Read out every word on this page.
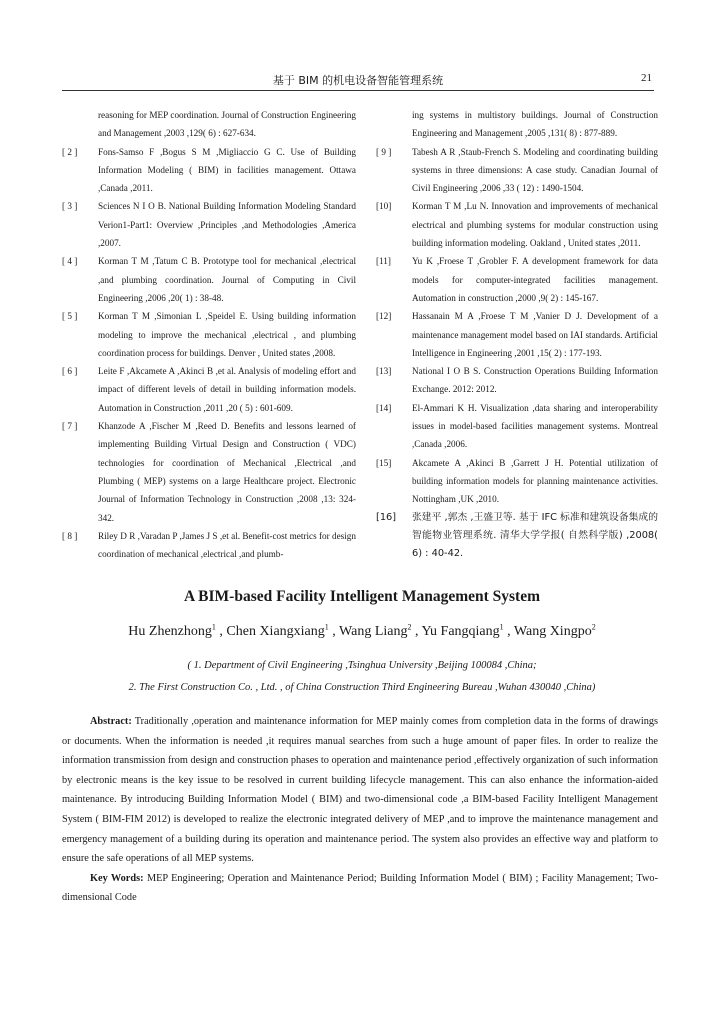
基于 BIM 的机电设备智能管理系统	21
reasoning for MEP coordination. Journal of Construction Engineering and Management ,2003 ,129( 6) : 627-634.
[ 2 ]	Fons-Samso F ,Bogus S M ,Migliaccio G C. Use of Building Information Modeling ( BIM) in facilities management. Ottawa ,Canada ,2011.
[ 3 ]	Sciences N I O B. National Building Information Modeling Standard Verion1-Part1: Overview ,Principles ,and Methodologies ,America ,2007.
[ 4 ]	Korman T M ,Tatum C B. Prototype tool for mechanical ,electrical ,and plumbing coordination. Journal of Computing in Civil Engineering ,2006 ,20( 1) : 38-48.
[ 5 ]	Korman T M ,Simonian L ,Speidel E. Using building information modeling to improve the mechanical ,electrical , and plumbing coordination process for buildings. Denver , United states ,2008.
[ 6 ]	Leite F ,Akcamete A ,Akinci B ,et al. Analysis of modeling effort and impact of different levels of detail in building information models. Automation in Construction ,2011 ,20 ( 5) : 601-609.
[ 7 ]	Khanzode A ,Fischer M ,Reed D. Benefits and lessons learned of implementing Building Virtual Design and Construction ( VDC) technologies for coordination of Mechanical ,Electrical ,and Plumbing ( MEP) systems on a large Healthcare project. Electronic Journal of Information Technology in Construction ,2008 ,13: 324-342.
[ 8 ]	Riley D R ,Varadan P ,James J S ,et al. Benefit-cost metrics for design coordination of mechanical ,electrical ,and plumb-
ing systems in multistory buildings. Journal of Construction Engineering and Management ,2005 ,131( 8) : 877-889.
[ 9 ]	Tabesh A R ,Staub-French S. Modeling and coordinating building systems in three dimensions: A case study. Canadian Journal of Civil Engineering ,2006 ,33 ( 12) : 1490-1504.
[10]	Korman T M ,Lu N. Innovation and improvements of mechanical electrical and plumbing systems for modular construction using building information modeling. Oakland , United states ,2011.
[11]	Yu K ,Froese T ,Grobler F. A development framework for data models for computer-integrated facilities management. Automation in construction ,2000 ,9( 2) : 145-167.
[12]	Hassanain M A ,Froese T M ,Vanier D J. Development of a maintenance management model based on IAI standards. Artificial Intelligence in Engineering ,2001 ,15( 2) : 177-193.
[13]	National I O B S. Construction Operations Building Information Exchange. 2012: 2012.
[14]	El-Ammari K H. Visualization ,data sharing and interoperability issues in model-based facilities management systems. Montreal ,Canada ,2006.
[15]	Akcamete A ,Akinci B ,Garrett J H. Potential utilization of building information models for planning maintenance activities. Nottingham ,UK ,2010.
[16]	张建平 ,郭杰 ,王盛卫等. 基于 IFC 标准和建筑设备集成的智能物业管理系统. 清华大学学报( 自然科学版) ,2008( 6) : 40-42.
A BIM-based Facility Intelligent Management System
Hu Zhenzhong$^1$ , Chen Xiangxiang$^1$ , Wang Liang$^2$ , Yu Fangqiang$^1$ , Wang Xingpo$^2$
( 1. Department of Civil Engineering ,Tsinghua University ,Beijing 100084 ,China;
2. The First Construction Co. , Ltd. , of China Construction Third Engineering Bureau ,Wuhan 430040 ,China)
Abstract: Traditionally ,operation and maintenance information for MEP mainly comes from completion data in the forms of drawings or documents. When the information is needed ,it requires manual searches from such a huge amount of paper files. In order to realize the information transmission from design and construction phases to operation and maintenance period ,effectively organization of such information by electronic means is the key issue to be resolved in current building lifecycle management. This can also enhance the information-aided maintenance. By introducing Building Information Model ( BIM) and two-dimensional code ,a BIM-based Facility Intelligent Management System ( BIM-FIM 2012) is developed to realize the electronic integrated delivery of MEP ,and to improve the maintenance management and emergency management of a building during its operation and maintenance period. The system also provides an effective way and platform to ensure the safe operations of all MEP systems.
Key Words: MEP Engineering; Operation and Maintenance Period; Building Information Model ( BIM) ; Facility Management; Two-dimensional Code
